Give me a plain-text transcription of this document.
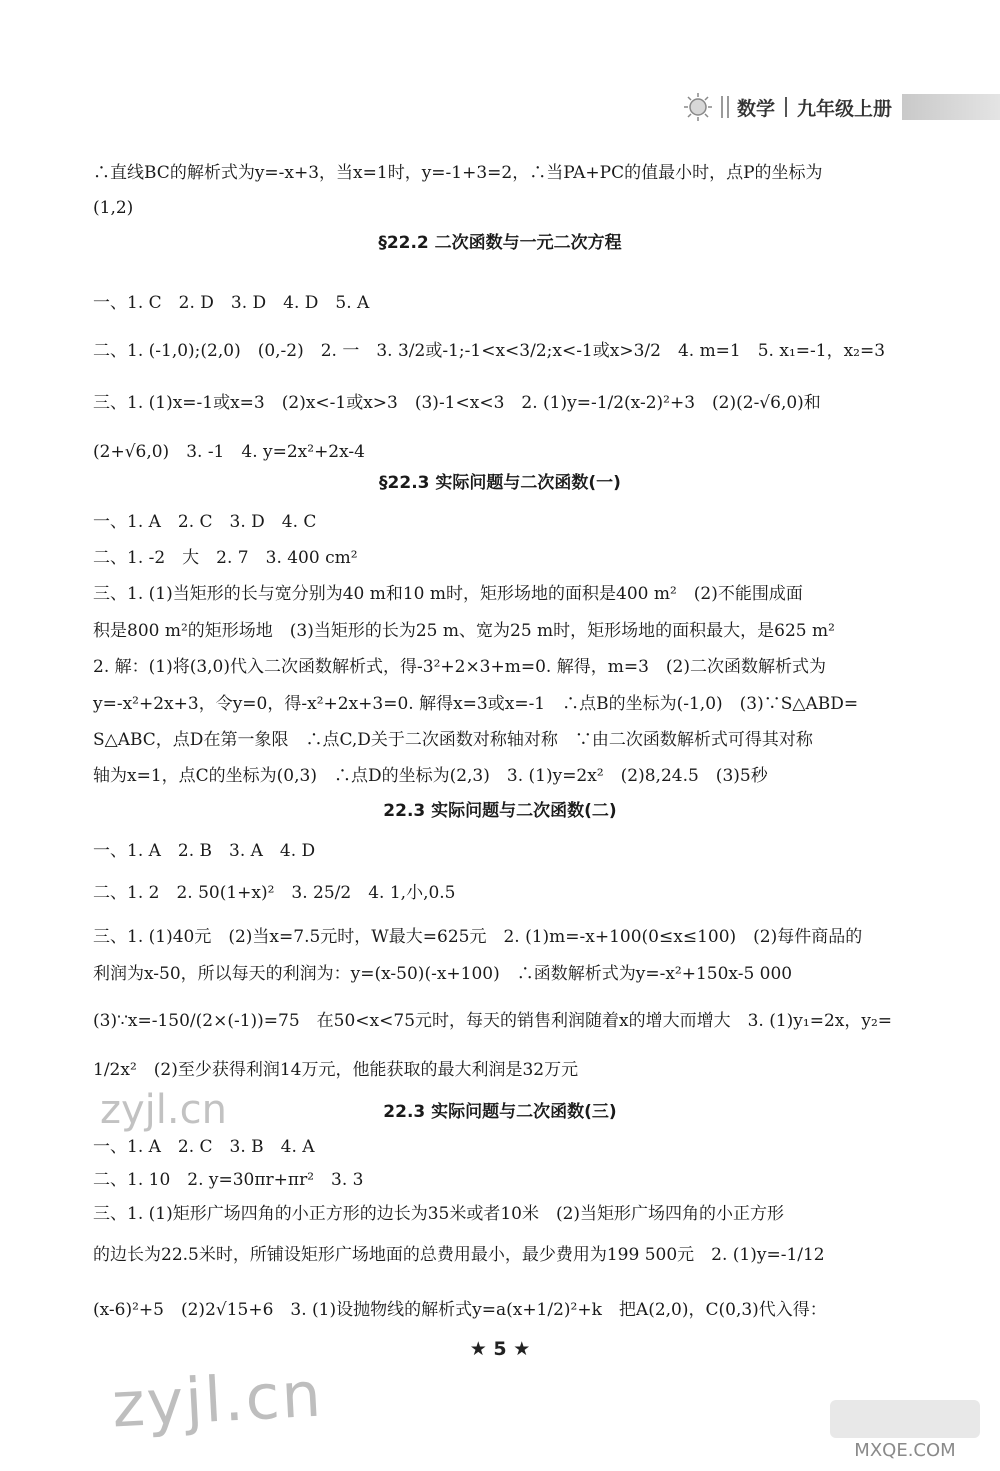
数学 九年级上册
∴直线BC的解析式为y=-x+3，当x=1时，y=-1+3=2，∴当PA+PC的值最小时，点P的坐标为
(1,2)
§22.2 二次函数与一元二次方程
一、1. C　2. D　3. D　4. D　5. A
二、1. (-1,0);(2,0)　(0,-2)　2. 一　3. 3/2或-1;-1<x<3/2;x<-1或x>3/2　4. m=1　5. x₁=-1，x₂=3
三、1. (1)x=-1或x=3　(2)x<-1或x>3　(3)-1<x<3　2. (1)y=-1/2(x-2)²+3　(2)(2-√6,0)和
(2+√6,0)　3. -1　4. y=2x²+2x-4
§22.3 实际问题与二次函数(一)
一、1. A　2. C　3. D　4. C
二、1. -2　大　2. 7　3. 400 cm²
三、1. (1)当矩形的长与宽分别为40 m和10 m时，矩形场地的面积是400 m²　(2)不能围成面
积是800 m²的矩形场地　(3)当矩形的长为25 m、宽为25 m时，矩形场地的面积最大，是625 m²
2. 解：(1)将(3,0)代入二次函数解析式，得-3²+2×3+m=0. 解得，m=3　(2)二次函数解析式为
y=-x²+2x+3，令y=0，得-x²+2x+3=0. 解得x=3或x=-1　∴点B的坐标为(-1,0)　(3)∵S△ABD=
S△ABC，点D在第一象限　∴点C,D关于二次函数对称轴对称　∵由二次函数解析式可得其对称
轴为x=1，点C的坐标为(0,3)　∴点D的坐标为(2,3)　3. (1)y=2x²　(2)8,24.5　(3)5秒
22.3 实际问题与二次函数(二)
一、1. A　2. B　3. A　4. D
二、1. 2　2. 50(1+x)²　3. 25/2　4. 1,小,0.5
三、1. (1)40元　(2)当x=7.5元时，W最大=625元　2. (1)m=-x+100(0≤x≤100)　(2)每件商品的
利润为x-50，所以每天的利润为：y=(x-50)(-x+100)　∴函数解析式为y=-x²+150x-5 000
(3)∵x=-150/(2×(-1))=75　在50<x<75元时，每天的销售利润随着x的增大而增大　3. (1)y₁=2x，y₂=
1/2x²　(2)至少获得利润14万元，他能获取的最大利润是32万元
22.3 实际问题与二次函数(三)
一、1. A　2. C　3. B　4. A
二、1. 10　2. y=30πr+πr²　3. 3
三、1. (1)矩形广场四角的小正方形的边长为35米或者10米　(2)当矩形广场四角的小正方形
的边长为22.5米时，所铺设矩形广场地面的总费用最小，最少费用为199 500元　2. (1)y=-1/12
(x-6)²+5　(2)2√15+6　3. (1)设抛物线的解析式y=a(x+1/2)²+k　把A(2,0)，C(0,3)代入得：
★ 5 ★
zyjl.cn
zyjl.cn
MXQE.COM
